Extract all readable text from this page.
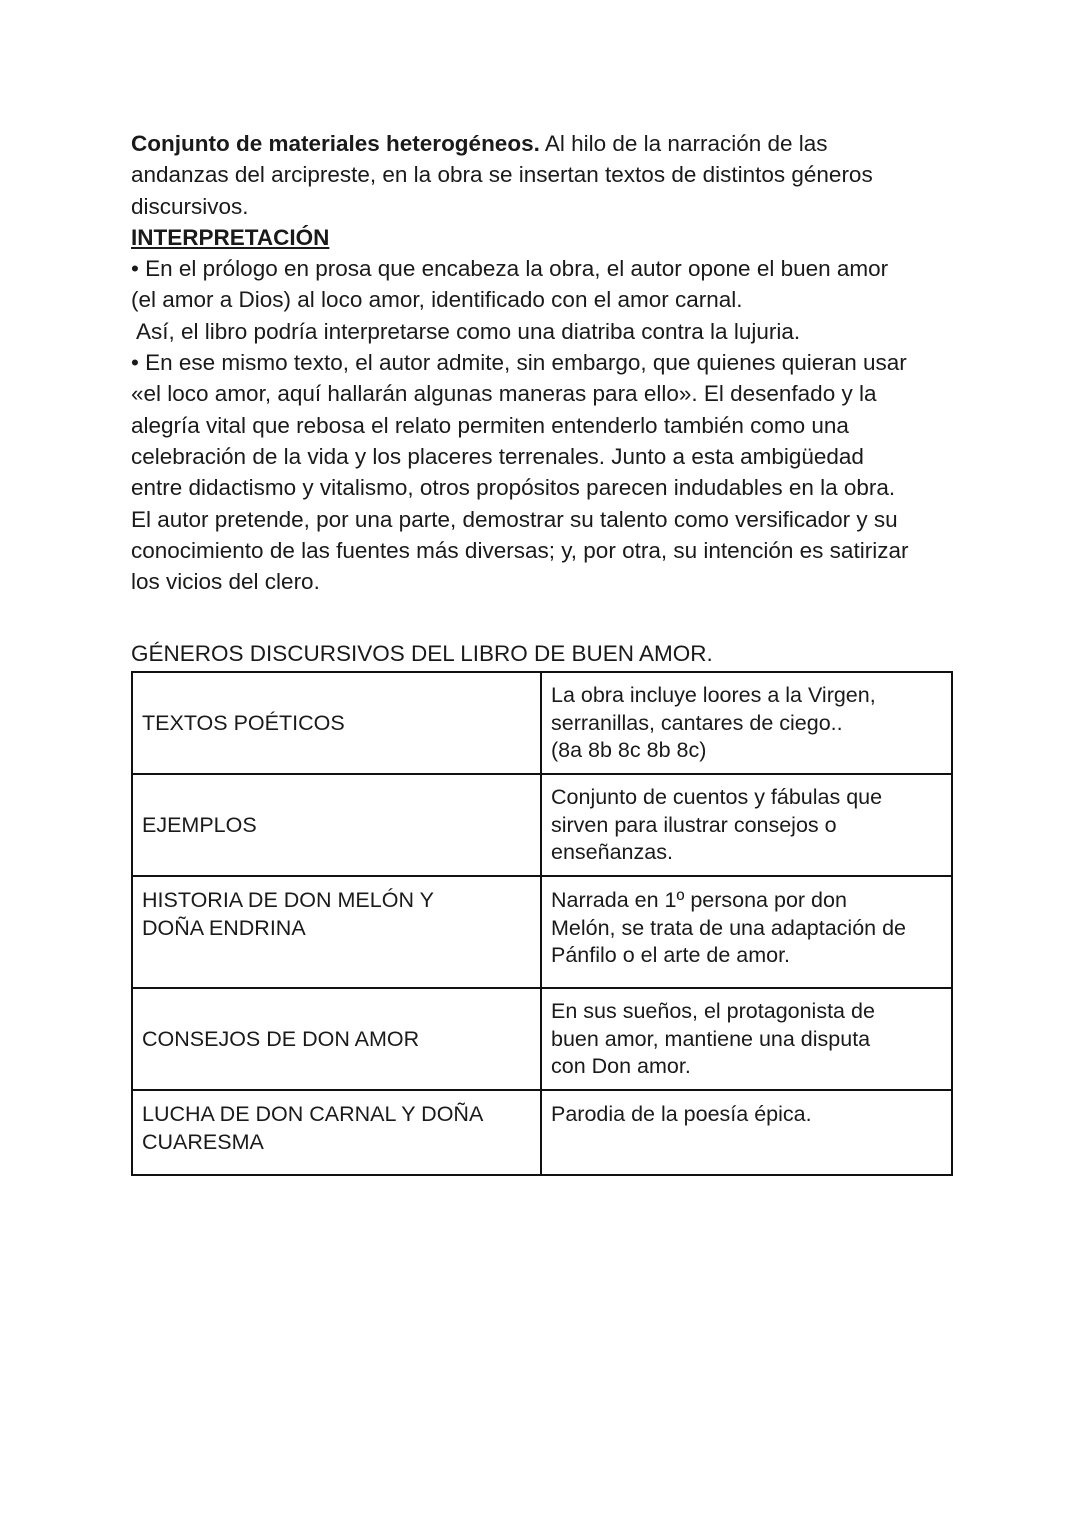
Conjunto de materiales heterogéneos. Al hilo de la narración de las

andanzas del arcipreste, en la obra se insertan textos de distintos géneros

discursivos.

INTERPRETACIÓN

• En el prólogo en prosa que encabeza la obra, el autor opone el buen amor

(el amor a Dios) al loco amor, identificado con el amor carnal.

Así, el libro podría interpretarse como una diatriba contra la lujuria.

• En ese mismo texto, el autor admite, sin embargo, que quienes quieran usar

«el loco amor, aquí hallarán algunas maneras para ello». El desenfado y la

alegría vital que rebosa el relato permiten entenderlo también como una

celebración de la vida y los placeres terrenales. Junto a esta ambigüedad

entre didactismo y vitalismo, otros propósitos parecen indudables en la obra.

El autor pretende, por una parte, demostrar su talento como versificador y su

conocimiento de las fuentes más diversas; y, por otra, su intención es satirizar

los vicios del clero.

GÉNEROS DISCURSIVOS DEL LIBRO DE BUEN AMOR.
TEXTOS POÉTICOS	La obra incluye loores a la Virgen,
serranillas, cantares de ciego..
(8a 8b 8c 8b 8c)

EJEMPLOS	Conjunto de cuentos y fábulas que
sirven para ilustrar consejos o
enseñanzas.

HISTORIA DE DON MELÓN Y
DOÑA ENDRINA	Narrada en 1º persona por don
Melón, se trata de una adaptación de
Pánfilo o el arte de amor.

CONSEJOS DE DON AMOR	En sus sueños, el protagonista de
buen amor, mantiene una disputa
con Don amor.

LUCHA DE DON CARNAL Y DOÑA
CUARESMA	Parodia de la poesía épica.
